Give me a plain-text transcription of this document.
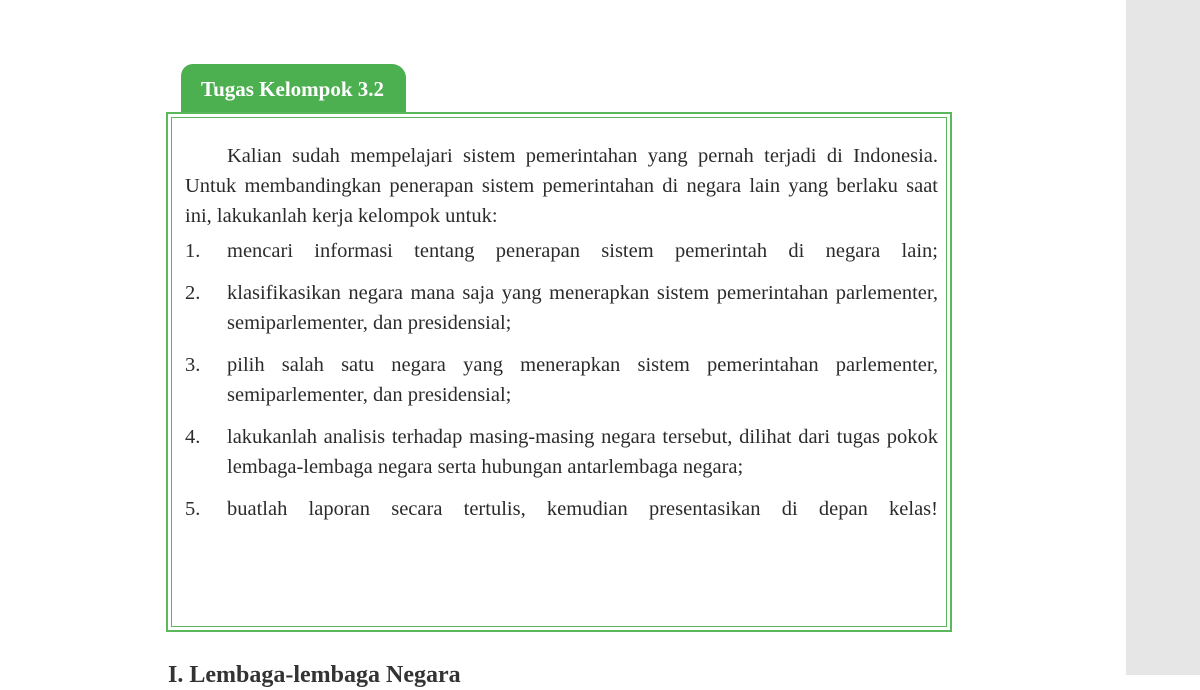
Tugas Kelompok 3.2

Kalian sudah mempelajari sistem pemerintahan yang pernah terjadi di Indonesia. Untuk membandingkan penerapan sistem pemerintahan di negara lain yang berlaku saat ini, lakukanlah kerja kelompok untuk:

1.	mencari informasi tentang penerapan sistem pemerintah di negara lain;
2.	klasifikasikan negara mana saja yang menerapkan sistem pemerintahan parlementer, semiparlementer, dan presidensial;
3.	pilih salah satu negara yang menerapkan sistem pemerintahan parlementer, semiparlementer, dan presidensial;
4.	lakukanlah analisis terhadap masing-masing negara tersebut, dilihat dari tugas pokok lembaga-lembaga negara serta hubungan antarlembaga negara;
5.	buatlah laporan secara tertulis, kemudian presentasikan di depan kelas!
I. Lembaga-lembaga Negara
